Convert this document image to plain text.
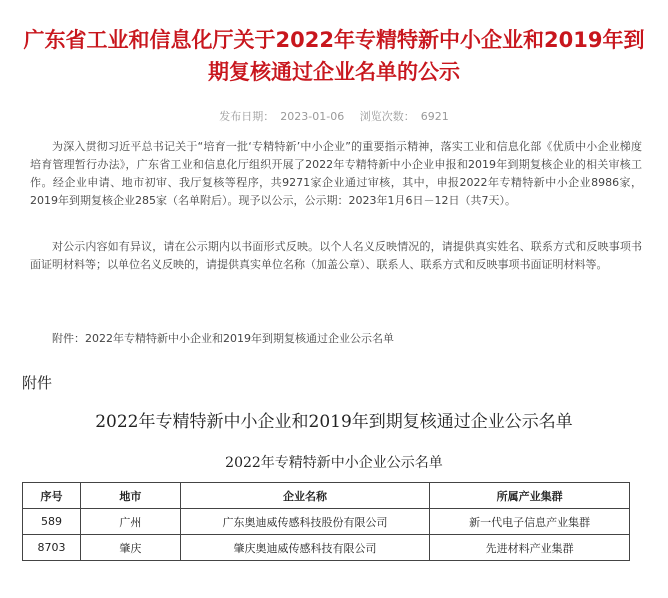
广东省工业和信息化厅关于2022年专精特新中小企业和2019年到期复核通过企业名单的公示
发布日期： 2023-01-06 浏览次数： 6921

为深入贯彻习近平总书记关于“培育一批‘专精特新’中小企业”的重要指示精神，落实工业和信息化部《优质中小企业梯度培育管理暂行办法》，广东省工业和信息化厅组织开展了2022年专精特新中小企业申报和2019年到期复核企业的相关审核工作。经企业申请、地市初审、我厅复核等程序，共9271家企业通过审核，其中，申报2022年专精特新中小企业8986家，2019年到期复核企业285家（名单附后）。现予以公示，公示期：2023年1月6日－12日（共7天）。

对公示内容如有异议，请在公示期内以书面形式反映。以个人名义反映情况的，请提供真实姓名、联系方式和反映事项书面证明材料等；以单位名义反映的，请提供真实单位名称（加盖公章）、联系人、联系方式和反映事项书面证明材料等。

附件：2022年专精特新中小企业和2019年到期复核通过企业公示名单
附件
2022年专精特新中小企业和2019年到期复核通过企业公示名单
2022年专精特新中小企业公示名单
序号	地市	企业名称	所属产业集群
589	广州	广东奥迪威传感科技股份有限公司	新一代电子信息产业集群
8703	肇庆	肇庆奥迪威传感科技有限公司	先进材料产业集群
